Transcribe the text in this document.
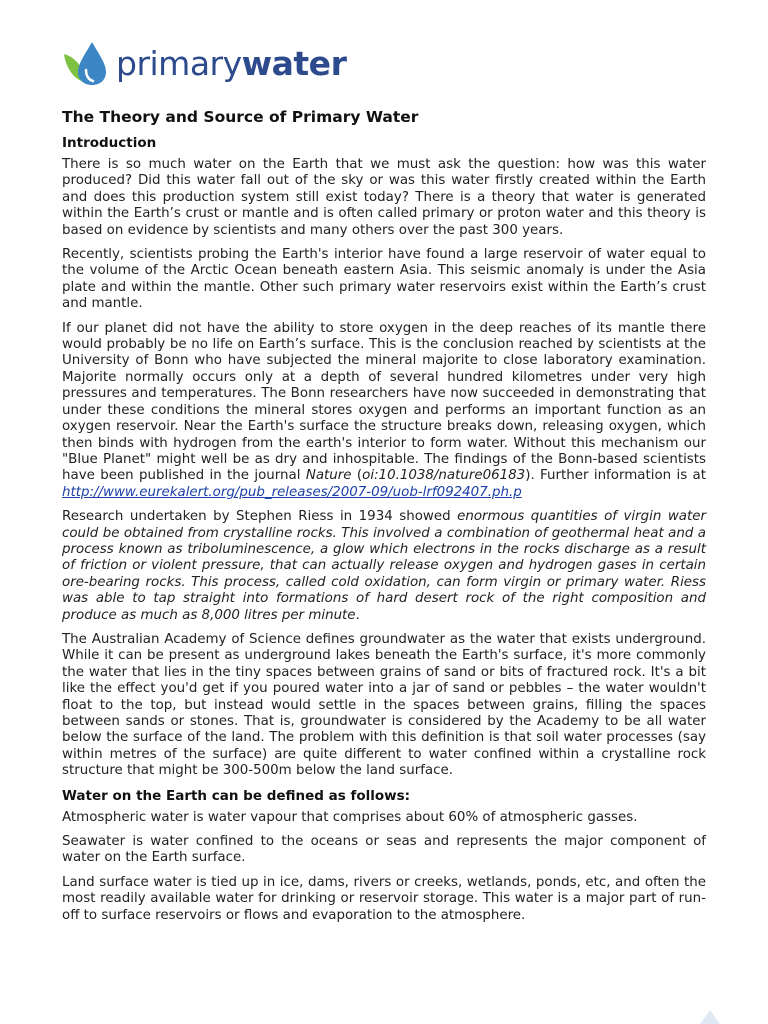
primarywater
The Theory and Source of Primary Water
Introduction

There is so much water on the Earth that we must ask the question: how was this water produced? Did this water fall out of the sky or was this water firstly created within the Earth and does this production system still exist today? There is a theory that water is generated within the Earth’s crust or mantle and is often called primary or proton water and this theory is based on evidence by scientists and many others over the past 300 years.

Recently, scientists probing the Earth's interior have found a large reservoir of water equal to the volume of the Arctic Ocean beneath eastern Asia. This seismic anomaly is under the Asia plate and within the mantle. Other such primary water reservoirs exist within the Earth’s crust and mantle.

If our planet did not have the ability to store oxygen in the deep reaches of its mantle there would probably be no life on Earth’s surface. This is the conclusion reached by scientists at the University of Bonn who have subjected the mineral majorite to close laboratory examination. Majorite normally occurs only at a depth of several hundred kilometres under very high pressures and temperatures. The Bonn researchers have now succeeded in demonstrating that under these conditions the mineral stores oxygen and performs an important function as an oxygen reservoir. Near the Earth's surface the structure breaks down, releasing oxygen, which then binds with hydrogen from the earth's interior to form water. Without this mechanism our "Blue Planet" might well be as dry and inhospitable. The findings of the Bonn-based scientists have been published in the journal Nature (oi:10.1038/nature06183). Further information is at http://www.eurekalert.org/pub_releases/2007-09/uob-lrf092407.ph.p

Research undertaken by Stephen Riess in 1934 showed enormous quantities of virgin water could be obtained from crystalline rocks. This involved a combination of geothermal heat and a process known as triboluminescence, a glow which electrons in the rocks discharge as a result of friction or violent pressure, that can actually release oxygen and hydrogen gases in certain ore-bearing rocks. This process, called cold oxidation, can form virgin or primary water. Riess was able to tap straight into formations of hard desert rock of the right composition and produce as much as 8,000 litres per minute.

The Australian Academy of Science defines groundwater as the water that exists underground. While it can be present as underground lakes beneath the Earth's surface, it's more commonly the water that lies in the tiny spaces between grains of sand or bits of fractured rock. It's a bit like the effect you'd get if you poured water into a jar of sand or pebbles – the water wouldn't float to the top, but instead would settle in the spaces between grains, filling the spaces between sands or stones. That is, groundwater is considered by the Academy to be all water below the surface of the land. The problem with this definition is that soil water processes (say within metres of the surface) are quite different to water confined within a crystalline rock structure that might be 300-500m below the land surface.

Water on the Earth can be defined as follows:

Atmospheric water is water vapour that comprises about 60% of atmospheric gasses.

Seawater is water confined to the oceans or seas and represents the major component of water on the Earth surface.

Land surface water is tied up in ice, dams, rivers or creeks, wetlands, ponds, etc, and often the most readily available water for drinking or reservoir storage. This water is a major part of run-off to surface reservoirs or flows and evaporation to the atmosphere.
